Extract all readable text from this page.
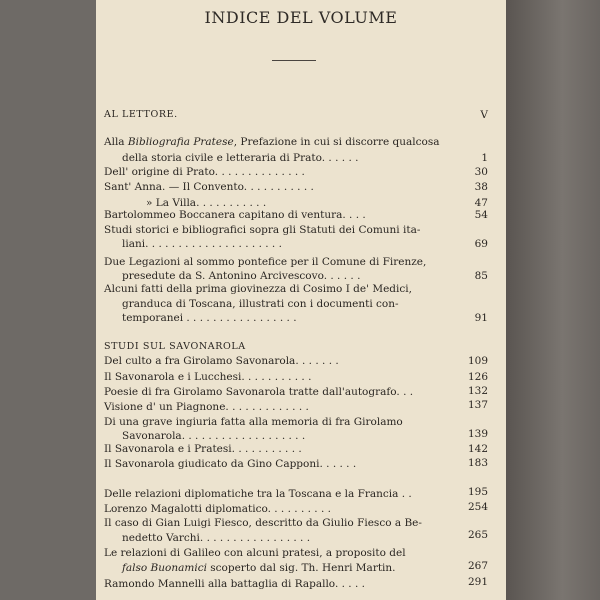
INDICE DEL VOLUME
AL LETTORE.	V
Alla Bibliografia Pratese, Prefazione in cui si discorre qualcosa
della storia civile e letteraria di Prato. . . . . .	1
Dell' origine di Prato. . . . . . . . . . . . . .	30
Sant' Anna. — Il Convento. . . . . . . . . . .	38
» La Villa. . . . . . . . . . .	47
Bartolommeo Boccanera capitano di ventura. . . .	54
Studi storici e bibliografici sopra gli Statuti dei Comuni ita-
liani. . . . . . . . . . . . . . . . . . . . .	69
Due Legazioni al sommo pontefice per il Comune di Firenze,
presedute da S. Antonino Arcivescovo. . . . . .	85
Alcuni fatti della prima giovinezza di Cosimo I de' Medici,
granduca di Toscana, illustrati con i documenti con-
temporanei . . . . . . . . . . . . . . . . .	91
STUDI SUL SAVONAROLA
Del culto a fra Girolamo Savonarola. . . . . . .	109
Il Savonarola e i Lucchesi. . . . . . . . . . .	126
Poesie di fra Girolamo Savonarola tratte dall'autografo. . .	132
Visione d' un Piagnone. . . . . . . . . . . . .	137
Di una grave ingiuria fatta alla memoria di fra Girolamo
Savonarola. . . . . . . . . . . . . . . . . . .	139
Il Savonarola e i Pratesi. . . . . . . . . . .	142
Il Savonarola giudicato da Gino Capponi. . . . . .	183
Delle relazioni diplomatiche tra la Toscana e la Francia . .	195
Lorenzo Magalotti diplomatico. . . . . . . . . .	254
Il caso di Gian Luigi Fiesco, descritto da Giulio Fiesco a Be-
nedetto Varchi. . . . . . . . . . . . . . . . .	265
Le relazioni di Galileo con alcuni pratesi, a proposito del
falso Buonamici scoperto dal sig. Th. Henri Martin.	267
Ramondo Mannelli alla battaglia di Rapallo. . . . .	291
